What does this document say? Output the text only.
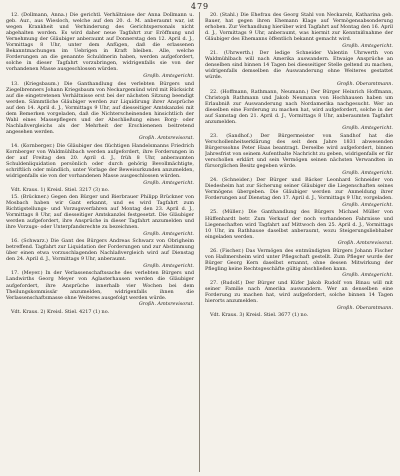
479

12. (Dollmann, Anna.) Die gerichtl. Verhältnisse der Anna Dollmann u. geb. Aur., aus Wiesloch, welche auf den 20. d. M. anberaumt war, ist wegen Krankheit und Verhinderung des Gerichtspersonals nicht abgehalten worden. Es wird daher neue Tagfahrt zur Eröffnung und Vernehmung der Gläubiger anberaumt auf Donnerstag den 12. April d. J., Vormittags 8 Uhr, unter dem Anfügen, daß die erlassenen Bekanntmachungen im Uebrigen in Kraft bleiben. Alle, welche Forderungen an die genannte Schuldnerin haben, werden aufgefordert, solche in dieser Tagfahrt vorzubringen, widrigenfalls sie von der vorhandenen Masse ausgeschlossen würden.

Großh. Amtsgericht.

13. (Kriegsbaum.) Die Ganthandlung des verlebten Bürgers und Ziegelbrenners Johann Kriegsbaum von Neckargemünd wird mit Rücksicht auf die eingetretenen Verhältnisse erst bei der nächsten Sitzung beendigt werden. Sämmtliche Gläubiger werden zur Liquidirung ihrer Ansprüche auf den 14. April d. J., Vormittags 9 Uhr, auf diesseitiger Amtskanzlei mit dem Bemerken vorgeladen, daß die Nichterscheinenden hinsichtlich der Wahl eines Massepflegers und der Abschließung eines Borg- oder Nachlaßvergleichs als der Mehrheit der Erschienenen beitretend angesehen werden.

Großh. Amtsrevisorat.

14. (Kornberger.) Die Gläubiger des flüchtigen Handelsmanns Friedrich Kornberger von Waldmühlbach werden aufgefordert, ihre Forderungen in der auf Freitag den 20. April d. J., früh 8 Uhr, anberaumten Schuldenliquidation persönlich oder durch gehörig Bevollmächtigte, schriftlich oder mündlich, unter Vorlage der Beweisurkunden anzumelden, widrigenfalls sie von der vorhandenen Masse ausgeschlossen würden.

Großh. Amtsgericht.

Vdt. Kraus. 1) Kreisl. Stiel. 3217 (3) no.

15. (Brückner.) Gegen den Bürger und Bierbrauer Philipp Brückner von Mosbach haben wir Gant erkannt, und es wird Tagfahrt zum Richtigstellungs- und Vorzugsverfahren auf Montag den 23. April d. J., Vormittags 8 Uhr, auf diesseitiger Amtskanzlei festgesetzt. Die Gläubiger werden aufgefordert, ihre Ansprüche in dieser Tagfahrt anzumelden und ihre Vorzugs- oder Unterpfandsrechte zu bezeichnen.

Großh. Amtsgericht.

16. (Schwarz.) Die Gant des Bürgers Andreas Schwarz von Obrigheim betreffend. Tagfahrt zur Liquidation der Forderungen und zur Abstimmung über einen etwa vorzuschlagenden Nachlaßvergleich wird auf Dienstag den 24. April d. J., Vormittags 9 Uhr, anberaumt.

Großh. Amtsgericht.

17. (Meyer.) In der Verlassenschaftssache des verlebten Bürgers und Landwirths Georg Meyer von Aglasterhausen werden die Gläubiger aufgefordert, ihre Ansprüche innerhalb vier Wochen bei dem Theilungskommissär anzumelden, widrigenfalls ihnen die Verlassenschaftsmasse ohne Weiteres ausgefolgt werden würde.

Großh. Amtsrevisorat.

Vdt. Kraus. 2) Kreisl. Stiel. 4217 (1) no.

20. (Stahl.) Die Ehefrau des Georg Stahl von Neckarelz, Katharina geb. Bauer, hat gegen ihren Ehemann Klage auf Vermögensabsonderung erhoben. Zur Verhandlung hierüber wird Tagfahrt auf Montag den 16. April d. J., Vormittags 9 Uhr, anberaumt, was hiermit zur Kenntnißnahme der Gläubiger des Ehemanns öffentlich bekannt gemacht wird.

Großh. Amtsgericht.

21. (Uhrwerth.) Der ledige Schneider Valentin Uhrwerth von Waldmühlbach will nach Amerika auswandern. Etwaige Ansprüche an denselben sind binnen 14 Tagen bei diesseitiger Stelle geltend zu machen, widrigenfalls demselben die Auswanderung ohne Weiteres gestattet würde.

Großh. Oberamtmann.

22. (Hoffmann, Rathmann, Neumann.) Der Bürger Heinrich Hoffmann, Christoph Rathmann und Jakob Neumann von Hochhausen haben um Erlaubniß zur Auswanderung nach Nordamerika nachgesucht. Wer an dieselben eine Forderung zu machen hat, wird aufgefordert, solche in der auf Samstag den 21. April d. J., Vormittags 8 Uhr, anberaumten Tagfahrt anzumelden.

Großh. Amtsgericht.

23. (Sandhof.) Der Bürgermeister von Sandhof hat die Verschollenheitserklärung des seit dem Jahre 1831 abwesenden Bürgerssohns Peter Haas beantragt. Derselbe wird aufgefordert, binnen Jahresfrist von seinem Aufenthalte Nachricht zu geben, widrigenfalls er für verschollen erklärt und sein Vermögen seinen nächsten Verwandten in fürsorglichen Besitz gegeben würde.

Großh. Amtsgericht.

24. (Schneider.) Der Bürger und Bäcker Leonhard Schneider von Diedesheim hat zur Sicherung seiner Gläubiger die Liegenschaften seines Vermögens übergeben. Die Gläubiger werden zur Anmeldung ihrer Forderungen auf Dienstag den 17. April d. J., Vormittags 9 Uhr, vorgeladen.

Großh. Amtsgericht.

25. (Müller.) Die Ganthandlung des Bürgers Michael Müller von Hüffenhardt betr. Zum Verkauf der noch vorhandenen Fahrnisse und Liegenschaften wird Tagfahrt auf Mittwoch den 25. April d. J., Vormittags 10 Uhr, im Rathhause daselbst anberaumt, wozu Steigerungsliebhaber eingeladen werden.

Großh. Amtsrevisorat.

26. (Fischer.) Das Vermögen des entmündigten Bürgers Johann Fischer von Haßmersheim wird unter Pflegschaft gestellt. Zum Pfleger wurde der Bürger Georg Kern daselbst ernannt, ohne dessen Mitwirkung der Pflegling keine Rechtsgeschäfte gültig abschließen kann.

Großh. Amtsgericht.

27. (Rudolf.) Der Bürger und Küfer Jakob Rudolf von Binau will mit seiner Familie nach Amerika auswandern. Wer an denselben eine Forderung zu machen hat, wird aufgefordert, solche binnen 14 Tagen hierorts anzumelden.

Großh. Oberamtmann.

Vdt. Kraus. 3) Kreisl. Stiel. 3677 (1) no.
